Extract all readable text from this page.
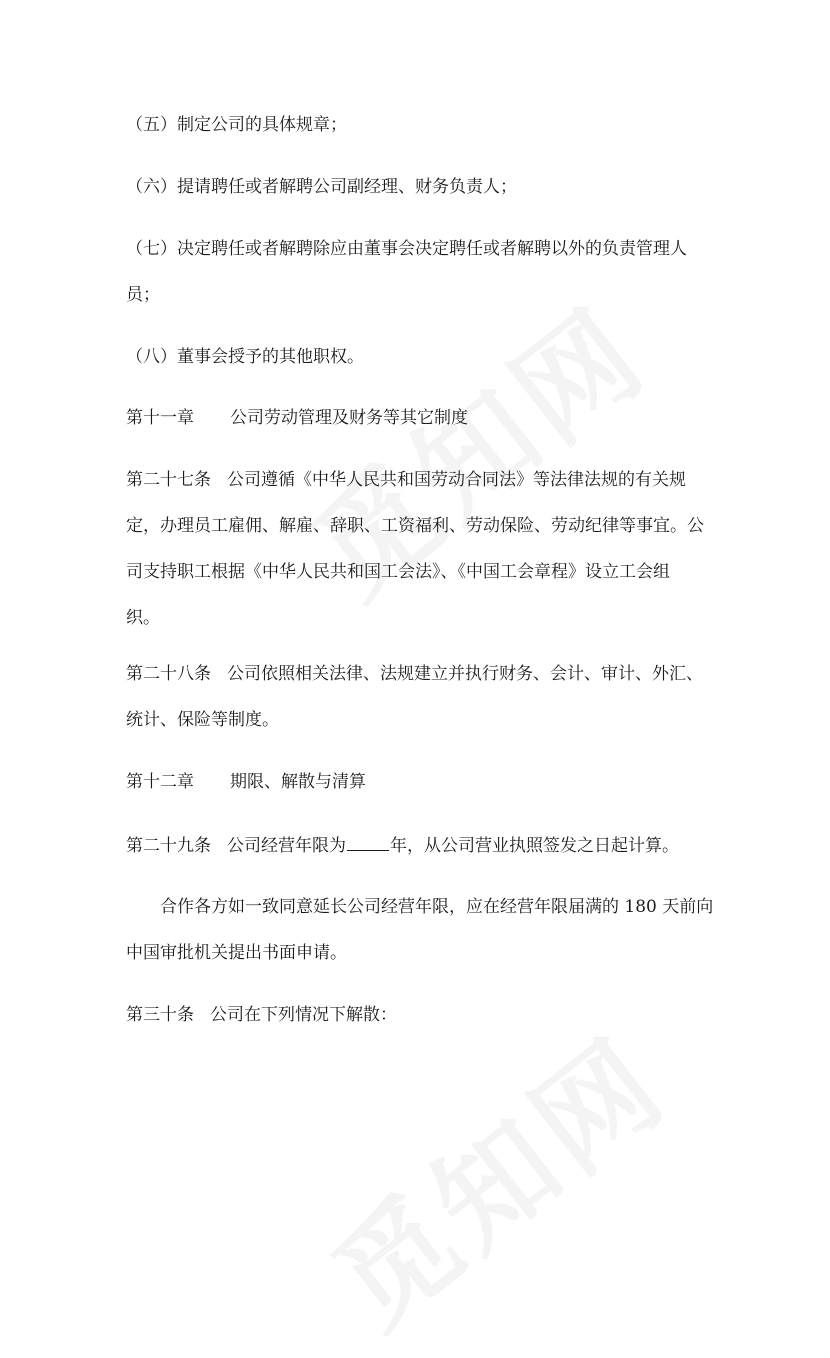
（五）制定公司的具体规章；
（六）提请聘任或者解聘公司副经理、财务负责人；
（七）决定聘任或者解聘除应由董事会决定聘任或者解聘以外的负责管理人
员；
（八）董事会授予的其他职权。
第十一章 公司劳动管理及财务等其它制度
第二十七条 公司遵循《中华人民共和国劳动合同法》等法律法规的有关规
定，办理员工雇佣、解雇、辞职、工资福利、劳动保险、劳动纪律等事宜。公
司支持职工根据《中华人民共和国工会法》、《中国工会章程》设立工会组
织。
第二十八条 公司依照相关法律、法规建立并执行财务、会计、审计、外汇、
统计、保险等制度。
第十二章 期限、解散与清算
第二十九条 公司经营年限为	年，从公司营业执照签发之日起计算。
合作各方如一致同意延长公司经营年限，应在经营年限届满的 180 天前向
中国审批机关提出书面申请。
第三十条 公司在下列情况下解散：
